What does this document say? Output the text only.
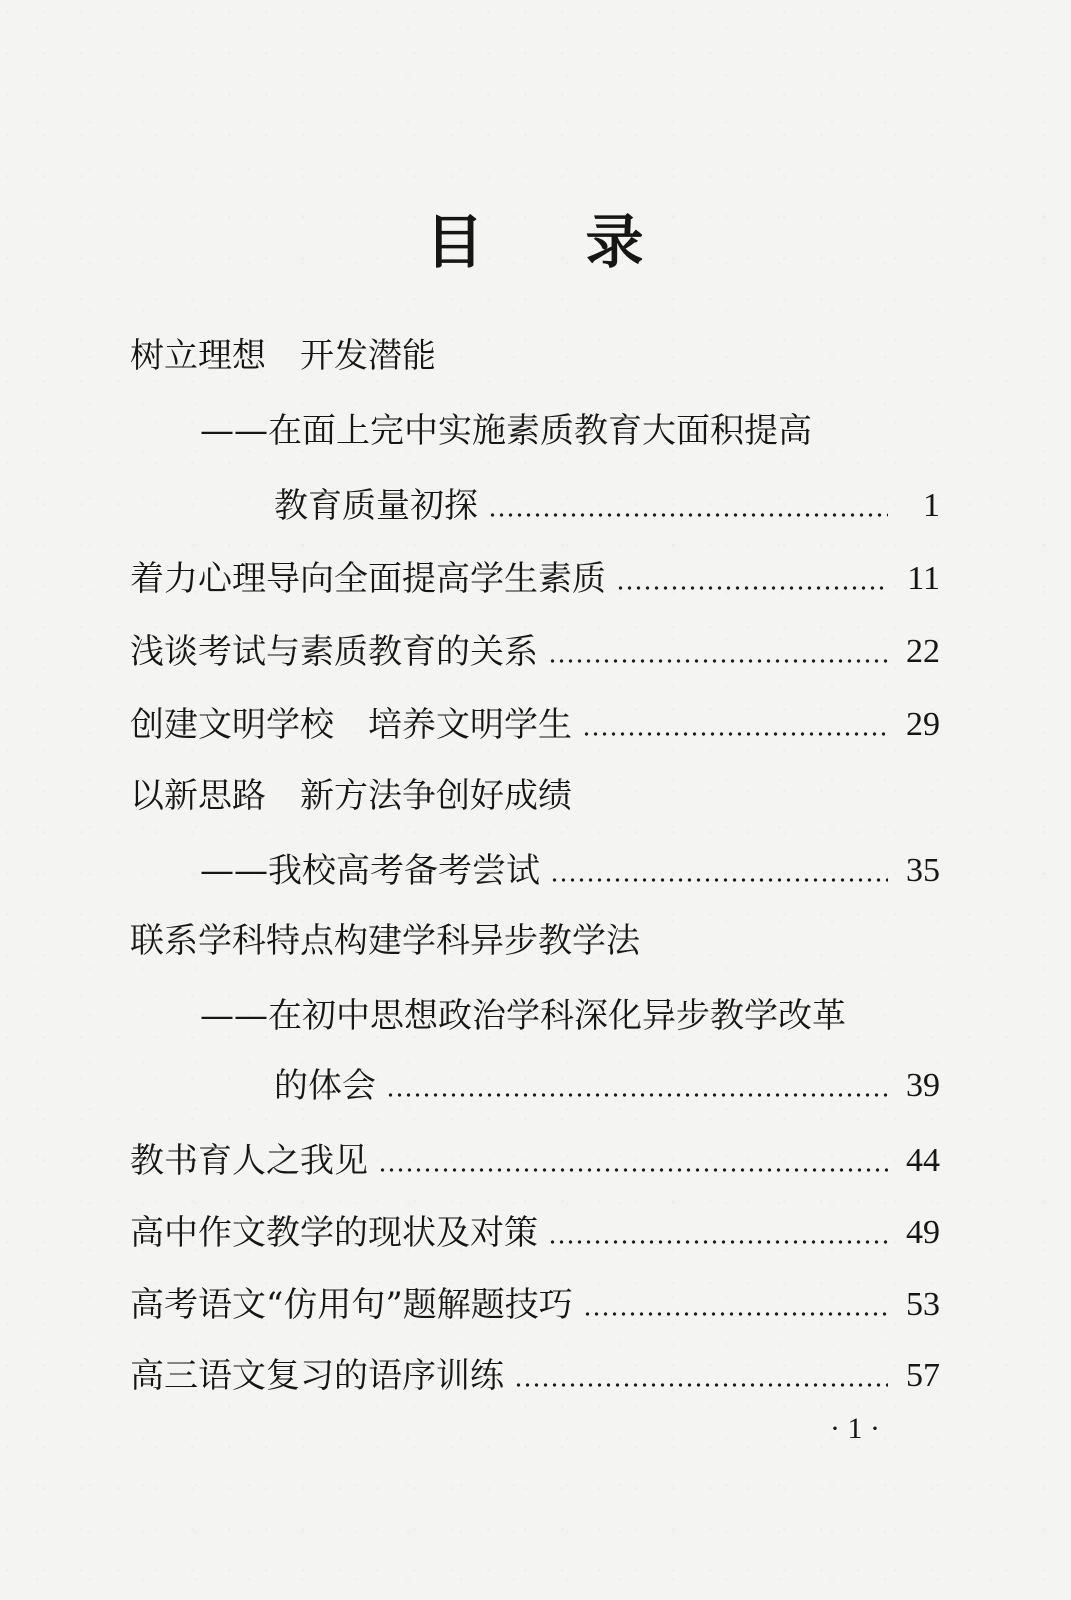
目 录
树立理想　开发潜能
——在面上完中实施素质教育大面积提高
教育质量初探	1
着力心理导向全面提高学生素质	11
浅谈考试与素质教育的关系	22
创建文明学校　培养文明学生	29
以新思路　新方法争创好成绩
——我校高考备考尝试	35
联系学科特点构建学科异步教学法
——在初中思想政治学科深化异步教学改革
的体会	39
教书育人之我见	44
高中作文教学的现状及对策	49
高考语文“仿用句”题解题技巧	53
高三语文复习的语序训练	57
· 1 ·
